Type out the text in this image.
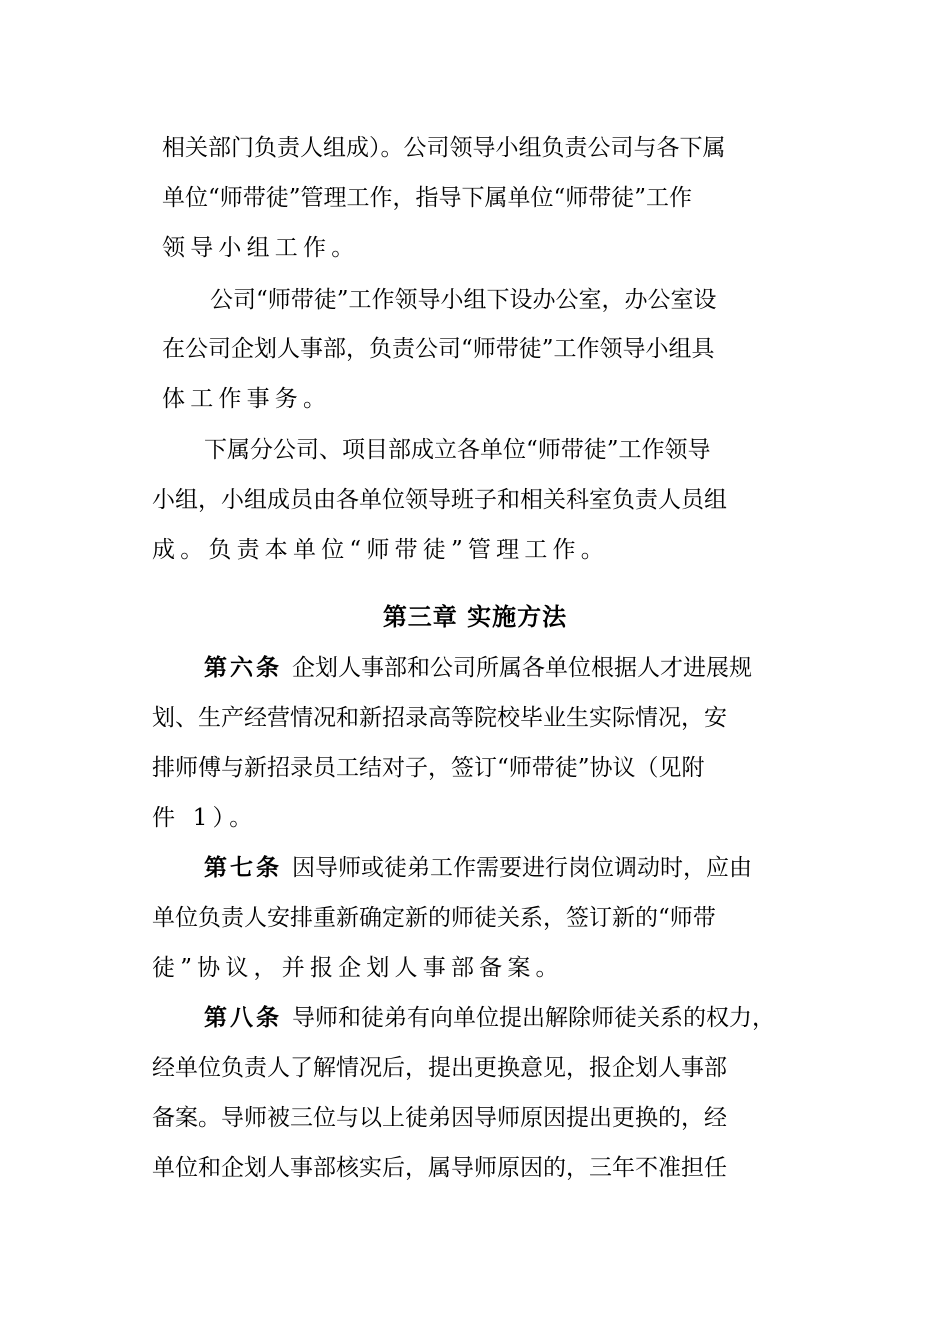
相关部门负责人组成）。公司领导小组负责公司与各下属
单位“师带徒”管理工作，指导下属单位“师带徒”工作
领导小组工作。
公司“师带徒”工作领导小组下设办公室，办公室设
在公司企划人事部，负责公司“师带徒”工作领导小组具
体工作事务。
下属分公司、项目部成立各单位“师带徒”工作领导
小组，小组成员由各单位领导班子和相关科室负责人员组
成。负责本单位“师带徒”管理工作。
第三章 实施方法
第六条 企划人事部和公司所属各单位根据人才进展规
划、生产经营情况和新招录高等院校毕业生实际情况，安
排师傅与新招录员工结对子，签订“师带徒”协议（见附
件 1）。
第七条 因导师或徒弟工作需要进行岗位调动时，应由
单位负责人安排重新确定新的师徒关系，签订新的“师带
徒”协议，并报企划人事部备案。
第八条 导师和徒弟有向单位提出解除师徒关系的权力，
经单位负责人了解情况后，提出更换意见，报企划人事部
备案。导师被三位与以上徒弟因导师原因提出更换的，经
单位和企划人事部核实后，属导师原因的，三年不准担任
